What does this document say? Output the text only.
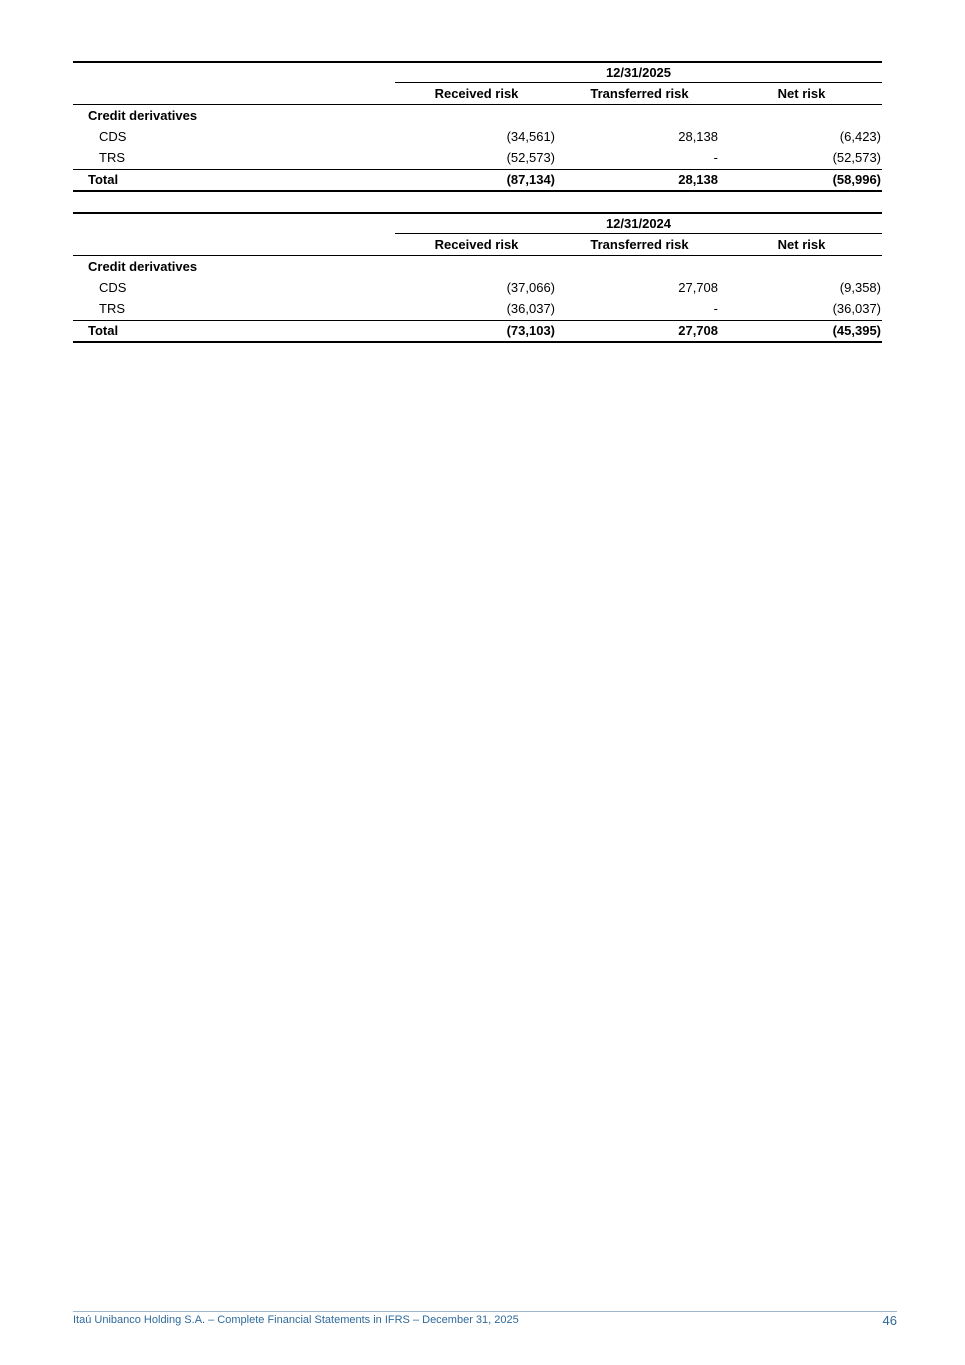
12/31/2025
Received risk	Transferred risk	Net risk
Credit derivatives
CDS	(34,561)	28,138	(6,423)
TRS	(52,573)	-	(52,573)
Total	(87,134)	28,138	(58,996)
12/31/2024
Received risk	Transferred risk	Net risk
Credit derivatives
CDS	(37,066)	27,708	(9,358)
TRS	(36,037)	-	(36,037)
Total	(73,103)	27,708	(45,395)
Itaú Unibanco Holding S.A. – Complete Financial Statements in IFRS – December 31, 2025	46
